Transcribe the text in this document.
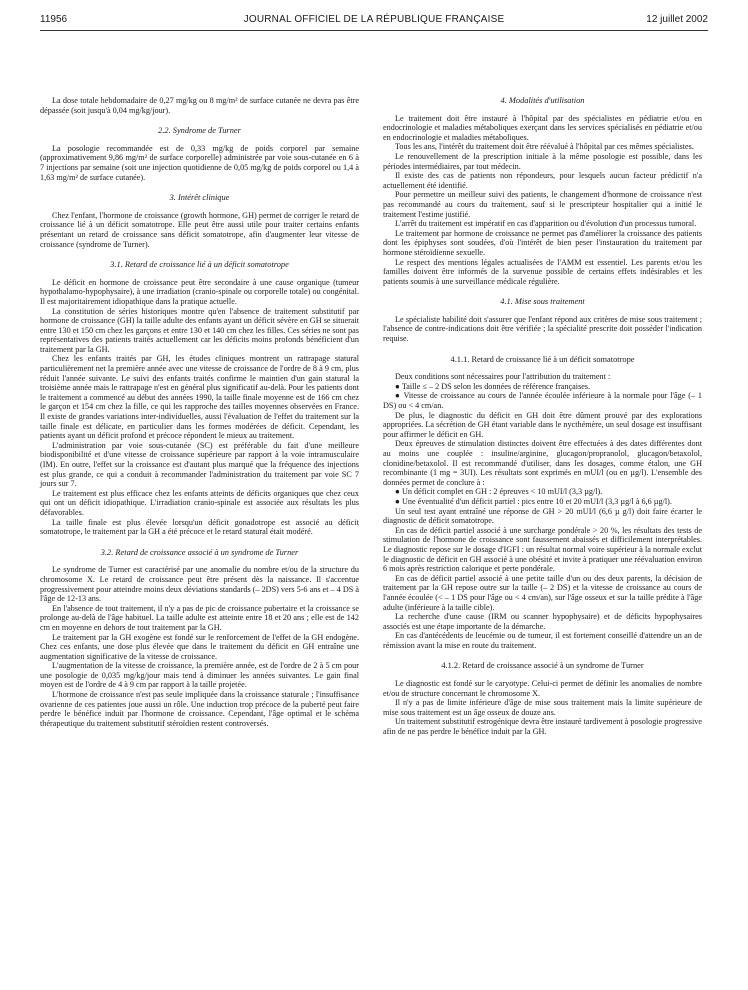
11956	JOURNAL OFFICIEL DE LA RÉPUBLIQUE FRANÇAISE	12 juillet 2002

La dose totale hebdomadaire de 0,27 mg/kg ou 8 mg/m² de surface cutanée ne devra pas être dépassée (soit jusqu'à 0,04 mg/kg/jour).

2.2. Syndrome de Turner

La posologie recommandée est de 0,33 mg/kg de poids corporel par semaine (approximativement 9,86 mg/m² de surface corporelle) administrée par voie sous-cutanée en 6 à 7 injections par semaine (soit une injection quotidienne de 0,05 mg/kg de poids corporel ou 1,4 à 1,63 mg/m² de surface cutanée).

3. Intérêt clinique

Chez l'enfant, l'hormone de croissance (growth hormone, GH) permet de corriger le retard de croissance lié à un déficit somatotrope. Elle peut être aussi utile pour traiter certains enfants présentant un retard de croissance sans déficit somatotrope, afin d'augmenter leur vitesse de croissance (syndrome de Turner).

3.1. Retard de croissance lié à un déficit somatotrope

Le déficit en hormone de croissance peut être secondaire à une cause organique (tumeur hypothalamo-hypophysaire), à une irradiation (cranio-spinale ou corporelle totale) ou congénital. Il est majoritairement idiopathique dans la pratique actuelle.

La constitution de séries historiques montre qu'en l'absence de traitement substitutif par hormone de croissance (GH) la taille adulte des enfants ayant un déficit sévère en GH se situerait entre 130 et 150 cm chez les garçons et entre 130 et 140 cm chez les filles. Ces séries ne sont pas représentatives des patients traités actuellement car les déficits moins profonds bénéficient d'un traitement par la GH.

Chez les enfants traités par GH, les études cliniques montrent un rattrapage statural particulièrement net la première année avec une vitesse de croissance de l'ordre de 8 à 9 cm, plus réduit l'année suivante. Le suivi des enfants traités confirme le maintien d'un gain statural la troisième année mais le rattrapage n'est en général plus significatif au-delà. Pour les patients dont le traitement a commencé au début des années 1990, la taille finale moyenne est de 166 cm chez le garçon et 154 cm chez la fille, ce qui les rapproche des tailles moyennes observées en France. Il existe de grandes variations inter-individuelles, aussi l'évaluation de l'effet du traitement sur la taille finale est délicate, en particulier dans les formes modérées de déficit. Cependant, les patients ayant un déficit profond et précoce répondent le mieux au traitement.

L'administration par voie sous-cutanée (SC) est préférable du fait d'une meilleure biodisponibilité et d'une vitesse de croissance supérieure par rapport à la voie intramusculaire (IM). En outre, l'effet sur la croissance est d'autant plus marqué que la fréquence des injections est plus grande, ce qui a conduit à recommander l'administration du traitement par voie SC 7 jours sur 7.

Le traitement est plus efficace chez les enfants atteints de déficits organiques que chez ceux qui ont un déficit idiopathique. L'irradiation cranio-spinale est associée aux résultats les plus défavorables.

La taille finale est plus élevée lorsqu'un déficit gonadotrope est associé au déficit somatotrope, le traitement par la GH a été précoce et le retard statural était modéré.

3.2. Retard de croissance associé à un syndrome de Turner

Le syndrome de Turner est caractérisé par une anomalie du nombre et/ou de la structure du chromosome X. Le retard de croissance peut être présent dès la naissance. Il s'accentue progressivement pour atteindre moins deux déviations standards (– 2DS) vers 5-6 ans et – 4 DS à l'âge de 12-13 ans.

En l'absence de tout traitement, il n'y a pas de pic de croissance pubertaire et la croissance se prolonge au-delà de l'âge habituel. La taille adulte est atteinte entre 18 et 20 ans ; elle est de 142 cm en moyenne en dehors de tout traitement par la GH.

Le traitement par la GH exogène est fondé sur le renforcement de l'effet de la GH endogène. Chez ces enfants, une dose plus élevée que dans le traitement du déficit en GH entraîne une augmentation significative de la vitesse de croissance.

L'augmentation de la vitesse de croissance, la première année, est de l'ordre de 2 à 5 cm pour une posologie de 0,035 mg/kg/jour mais tend à diminuer les années suivantes. Le gain final moyen est de l'ordre de 4 à 9 cm par rapport à la taille projetée.

L'hormone de croissance n'est pas seule impliquée dans la croissance staturale ; l'insuffisance ovarienne de ces patientes joue aussi un rôle. Une induction trop précoce de la puberté peut faire perdre le bénéfice induit par l'hormone de croissance. Cependant, l'âge optimal et le schéma thérapeutique du traitement substitutif stéroïdien restent controversés.

4. Modalités d'utilisation

Le traitement doit être instauré à l'hôpital par des spécialistes en pédiatrie et/ou en endocrinologie et maladies métaboliques exerçant dans les services spécialisés en pédiatrie et/ou en endocrinologie et maladies métaboliques.

Tous les ans, l'intérêt du traitement doit être réévalué à l'hôpital par ces mêmes spécialistes.

Le renouvellement de la prescription initiale à la même posologie est possible, dans les périodes intermédiaires, par tout médecin.

Il existe des cas de patients non répondeurs, pour lesquels aucun facteur prédictif n'a actuellement été identifié.

Pour permettre un meilleur suivi des patients, le changement d'hormone de croissance n'est pas recommandé au cours du traitement, sauf si le prescripteur hospitalier qui a initié le traitement l'estime justifié.

L'arrêt du traitement est impératif en cas d'apparition ou d'évolution d'un processus tumoral.

Le traitement par hormone de croissance ne permet pas d'améliorer la croissance des patients dont les épiphyses sont soudées, d'où l'intérêt de bien peser l'instauration du traitement par hormone stéroïdienne sexuelle.

Le respect des mentions légales actualisées de l'AMM est essentiel. Les parents et/ou les familles doivent être informés de la survenue possible de certains effets indésirables et les patients soumis à une surveillance médicale régulière.

4.1. Mise sous traitement

Le spécialiste habilité doit s'assurer que l'enfant répond aux critères de mise sous traitement ; l'absence de contre-indications doit être vérifiée ; la spécialité prescrite doit posséder l'indication requise.

4.1.1. Retard de croissance lié à un déficit somatotrope

Deux conditions sont nécessaires pour l'attribution du traitement :

● Taille ≤ – 2 DS selon les données de référence françaises.

● Vitesse de croissance au cours de l'année écoulée inférieure à la normale pour l'âge (– 1 DS) ou < 4 cm/an.

De plus, le diagnostic du déficit en GH doit être dûment prouvé par des explorations appropriées. La sécrétion de GH étant variable dans le nycthémère, un seul dosage est insuffisant pour affirmer le déficit en GH.

Deux épreuves de stimulation distinctes doivent être effectuées à des dates différentes dont au moins une couplée : insuline/arginine, glucagon/propranolol, glucagon/betaxolol, clonidine/betaxolol. Il est recommandé d'utiliser, dans les dosages, comme étalon, une GH recombinante (1 mg = 3UI). Les résultats sont exprimés en mUI/l (ou en µg/l). L'ensemble des données permet de conclure à :

● Un déficit complet en GH : 2 épreuves < 10 mUI/l (3,3 µg/l).

● Une éventualité d'un déficit partiel : pics entre 10 et 20 mUI/l (3,3 µg/l à 6,6 µg/l).

Un seul test ayant entraîné une réponse de GH > 20 mUI/l (6,6 µ g/l) doit faire écarter le diagnostic de déficit somatotrope.

En cas de déficit partiel associé à une surcharge pondérale > 20 %, les résultats des tests de stimulation de l'hormone de croissance sont faussement abaissés et difficilement interprétables. Le diagnostic repose sur le dosage d'IGFI : un résultat normal voire supérieur à la normale exclut le diagnostic de déficit en GH associé à une obésité et invite à pratiquer une réévaluation environ 6 mois après restriction calorique et perte pondérale.

En cas de déficit partiel associé à une petite taille d'un ou des deux parents, la décision de traitement par la GH repose outre sur la taille (– 2 DS) et la vitesse de croissance au cours de l'année écoulée (< – 1 DS pour l'âge ou < 4 cm/an), sur l'âge osseux et sur la taille prédite à l'âge adulte (inférieure à la taille cible).

La recherche d'une cause (IRM ou scanner hypophysaire) et de déficits hypophysaires associés est une étape importante de la démarche.

En cas d'antécédents de leucémie ou de tumeur, il est fortement conseillé d'attendre un an de rémission avant la mise en route du traitement.

4.1.2. Retard de croissance associé à un syndrome de Turner

Le diagnostic est fondé sur le caryotype. Celui-ci permet de définir les anomalies de nombre et/ou de structure concernant le chromosome X.

Il n'y a pas de limite inférieure d'âge de mise sous traitement mais la limite supérieure de mise sous traitement est un âge osseux de douze ans.

Un traitement substitutif estrogénique devra être instauré tardivement à posologie progressive afin de ne pas perdre le bénéfice induit par la GH.
